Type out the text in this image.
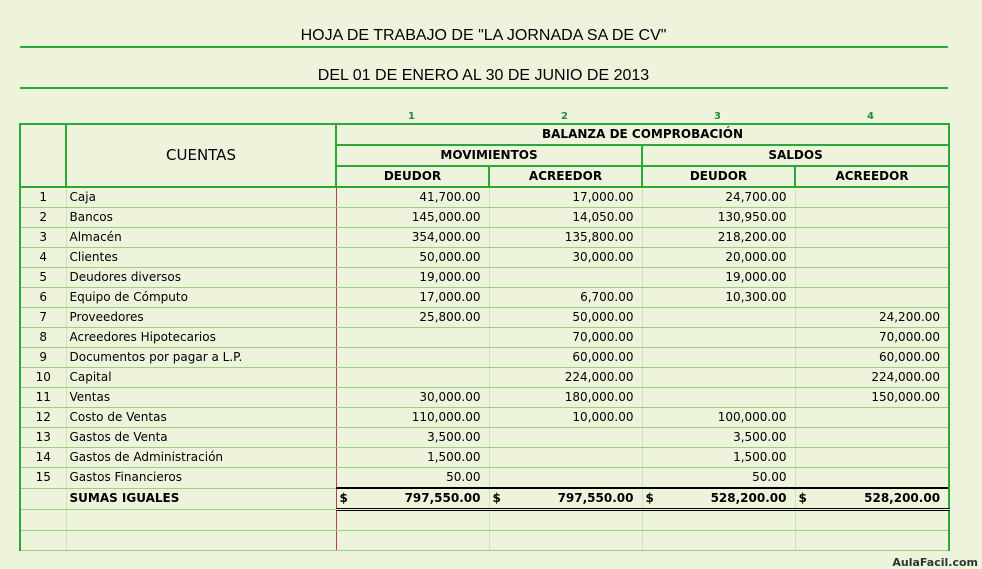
HOJA DE TRABAJO DE "LA JORNADA SA DE CV"
DEL 01 DE ENERO AL 30 DE JUNIO DE 2013
1	2	3	4
	CUENTAS	BALANZA DE COMPROBACIÓN			
		MOVIMIENTOS		SALDOS	
		DEUDOR	ACREEDOR	DEUDOR	ACREEDOR
1	Caja	41,700.00	17,000.00	24,700.00	
2	Bancos	145,000.00	14,050.00	130,950.00	
3	Almacén	354,000.00	135,800.00	218,200.00	
4	Clientes	50,000.00	30,000.00	20,000.00	
5	Deudores diversos	19,000.00		19,000.00	
6	Equipo de Cómputo	17,000.00	6,700.00	10,300.00	
7	Proveedores	25,800.00	50,000.00		24,200.00
8	Acreedores Hipotecarios		70,000.00		70,000.00
9	Documentos por pagar a L.P.		60,000.00		60,000.00
10	Capital		224,000.00		224,000.00
11	Ventas	30,000.00	180,000.00		150,000.00
12	Costo de Ventas	110,000.00	10,000.00	100,000.00	
13	Gastos de Venta	3,500.00		3,500.00	
14	Gastos de Administración	1,500.00		1,500.00	
15	Gastos Financieros	50.00		50.00	
	SUMAS IGUALES	$ 797,550.00	$ 797,550.00	$ 528,200.00	$ 528,200.00

AulaFacil.com
